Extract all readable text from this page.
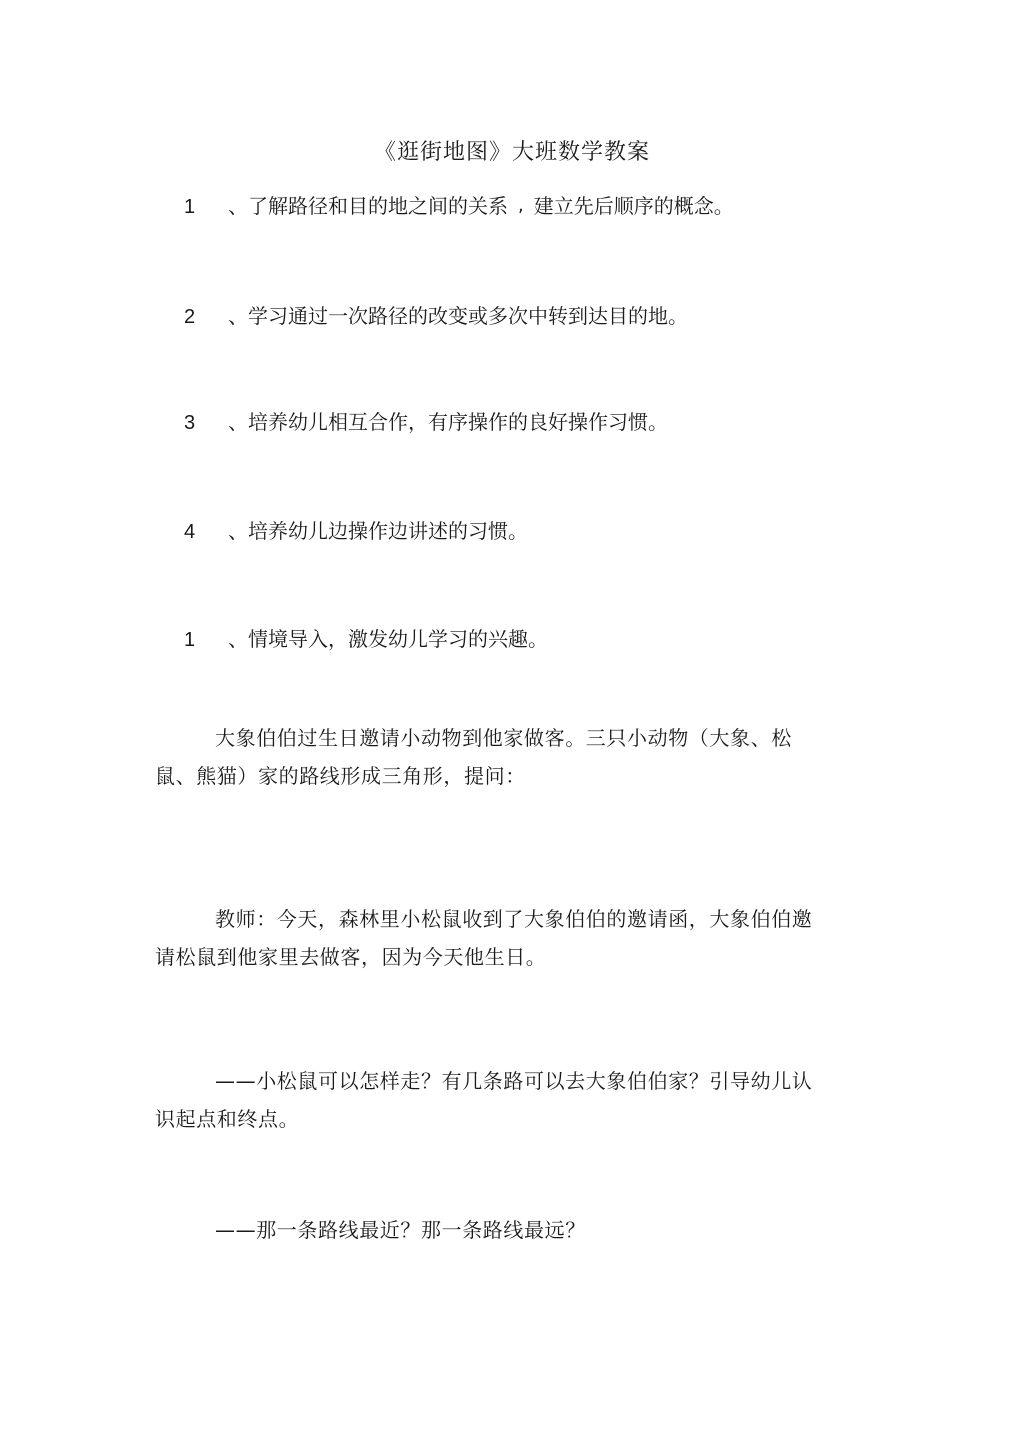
《逛街地图》大班数学教案
1 、了解路径和目的地之间的关系 , 建立先后顺序的概念。
2 、学习通过一次路径的改变或多次中转到达目的地。
3 、培养幼儿相互合作，有序操作的良好操作习惯。
4 、培养幼儿边操作边讲述的习惯。
1 、情境导入，激发幼儿学习的兴趣。

大象伯伯过生日邀请小动物到他家做客。三只小动物（大象、松鼠、熊猫）家的路线形成三角形，提问：

教师：今天，森林里小松鼠收到了大象伯伯的邀请函，大象伯伯邀请松鼠到他家里去做客，因为今天他生日。

——小松鼠可以怎样走？有几条路可以去大象伯伯家？引导幼儿认识起点和终点。

——那一条路线最近？那一条路线最远？
